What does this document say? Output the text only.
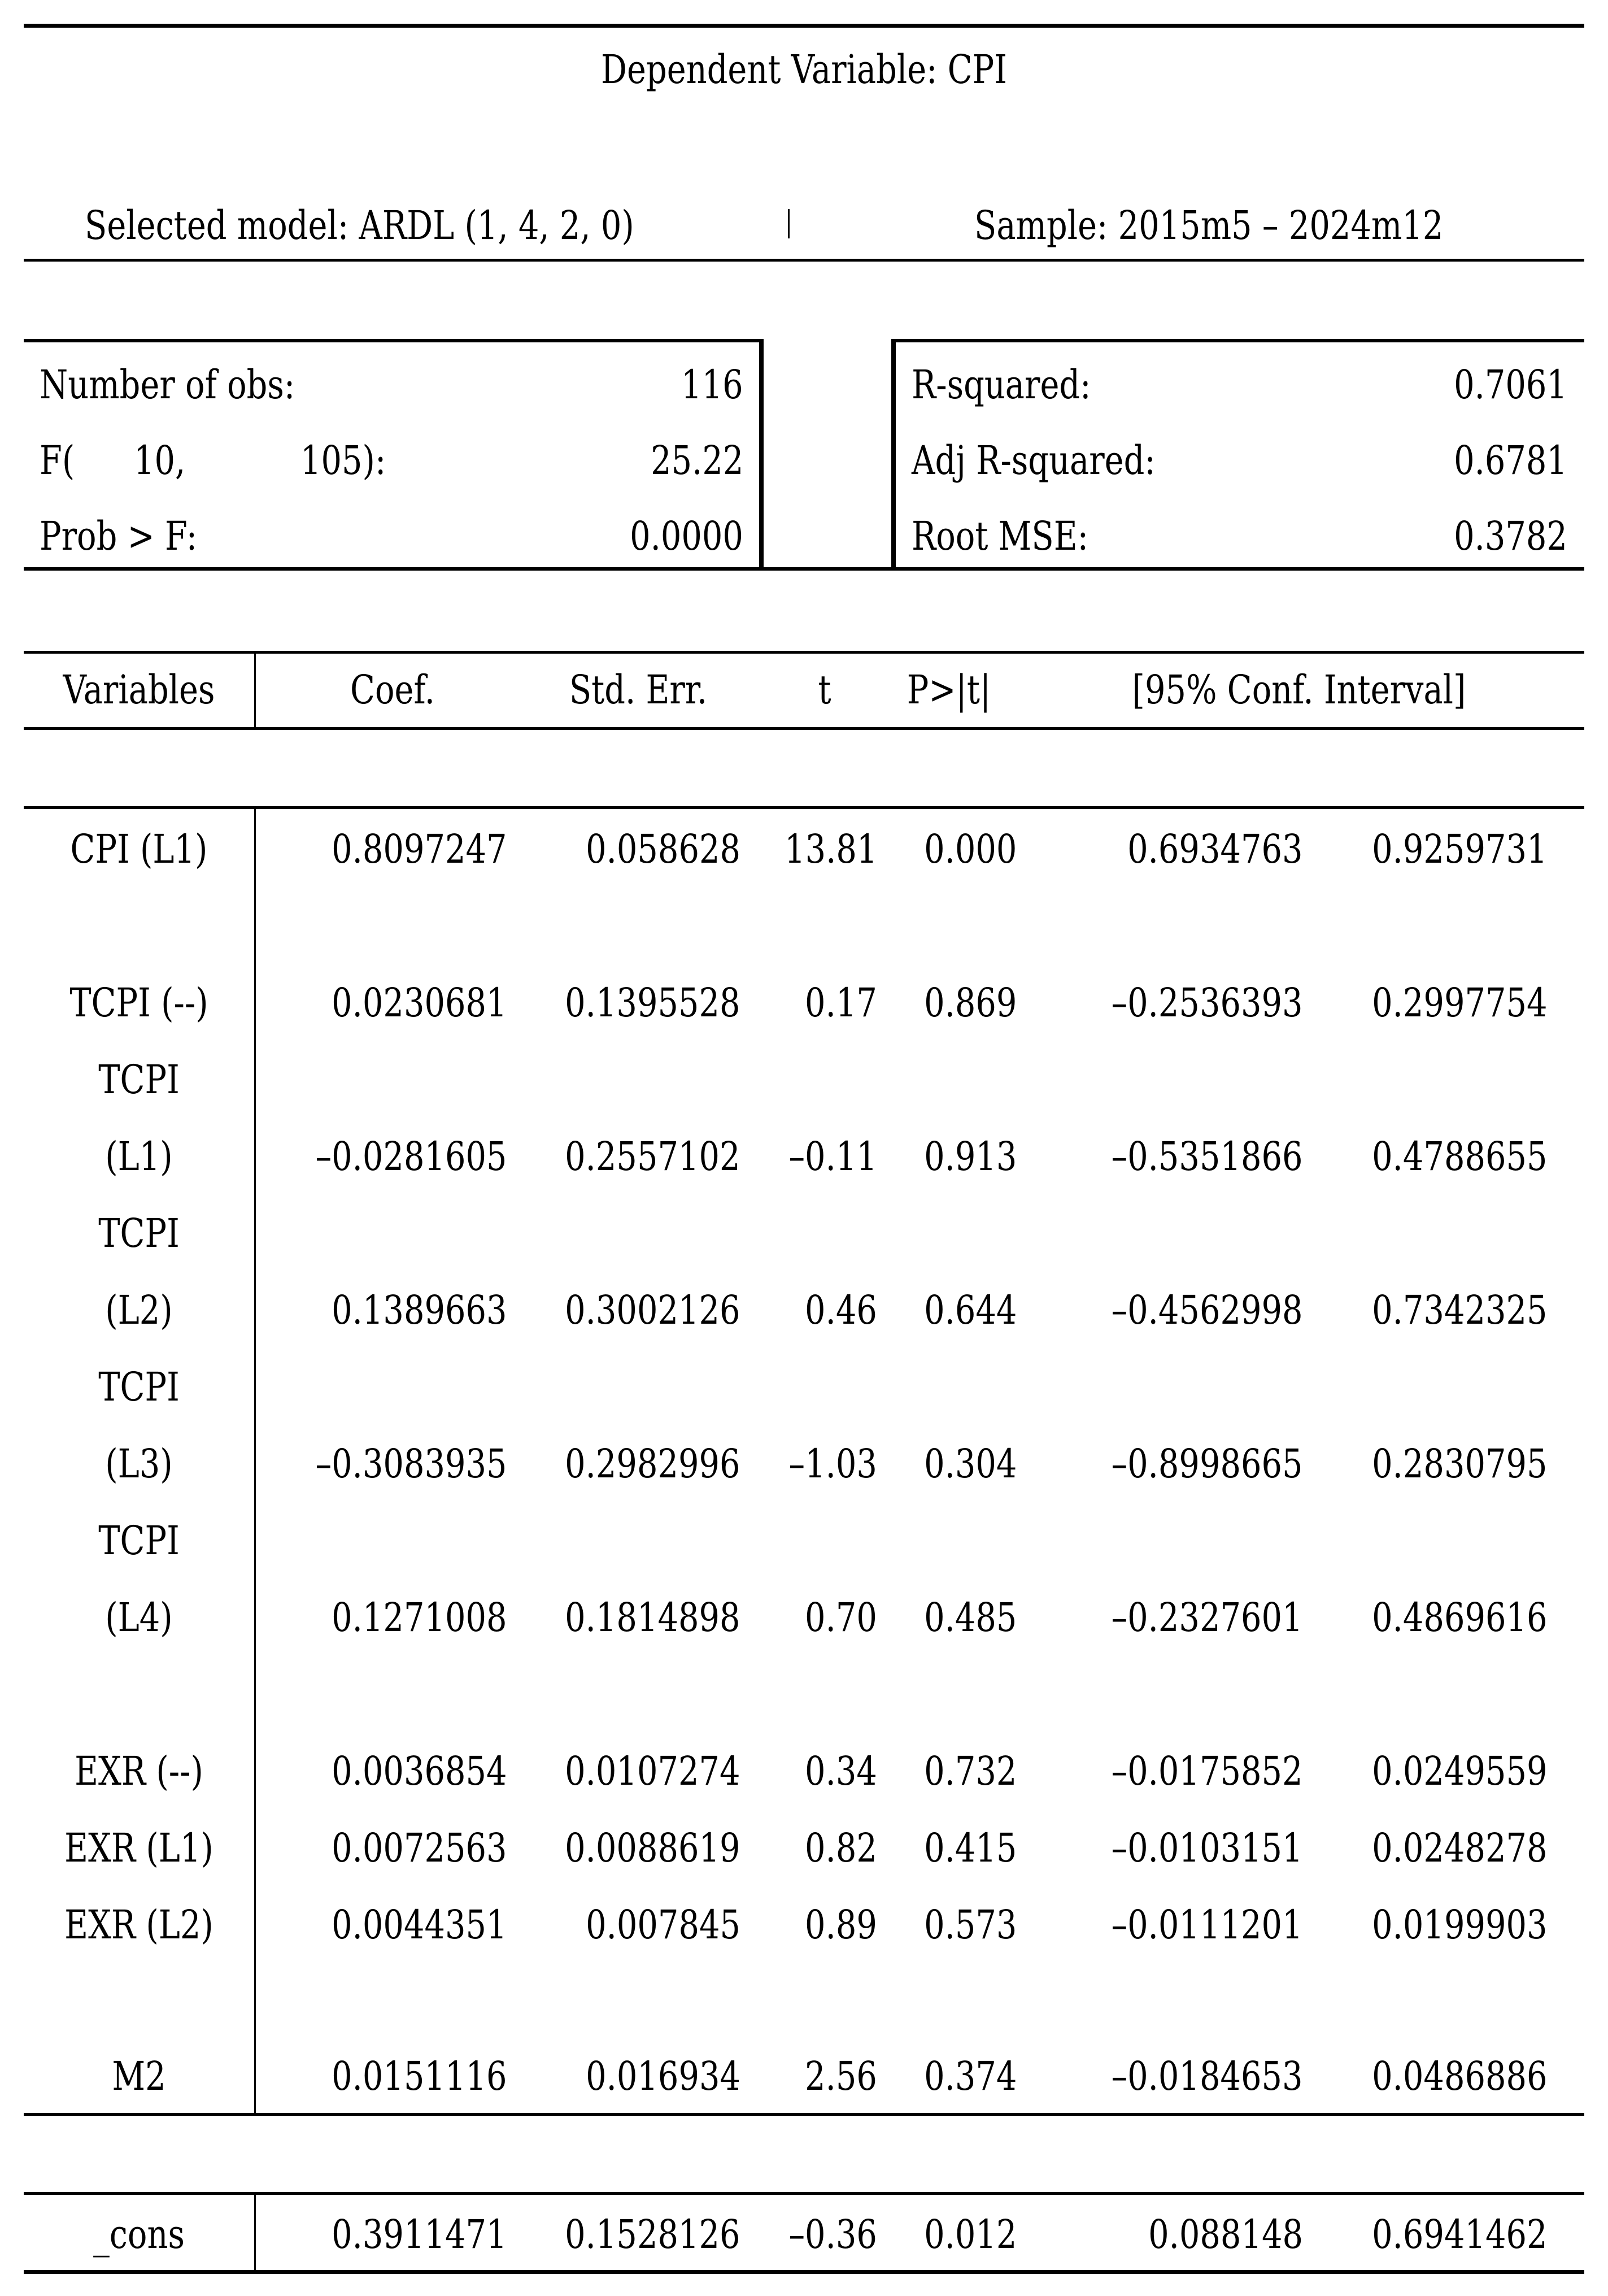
Dependent Variable: CPI
Selected model: ARDL (1, 4, 2, 0)	Sample: 2015m5 – 2024m12
Number of obs:	116
F( 10,	105):	25.22
Prob > F:	0.0000
R-squared:	0.7061
Adj R-squared:	0.6781
Root MSE:	0.3782
Variables	Coef.	Std. Err.	t	P>|t|	[95% Conf. Interval]
CPI (L1)	0.8097247 0.058628 13.81 0.000	0.6934763 0.9259731
TCPI (--)	0.0230681 0.1395528 0.17 0.869 –0.2536393 0.2997754
TCPI
(L1)	–0.0281605 0.2557102 –0.11 0.913 –0.5351866 0.4788655
TCPI
(L2)	0.1389663 0.3002126 0.46 0.644 –0.4562998 0.7342325
TCPI
(L3)	–0.3083935 0.2982996 –1.03 0.304 –0.8998665 0.2830795
TCPI
(L4)	0.1271008 0.1814898 0.70 0.485 –0.2327601 0.4869616
EXR (--)	0.0036854 0.0107274 0.34 0.732 –0.0175852 0.0249559
EXR (L1)	0.0072563 0.0088619 0.82 0.415 –0.0103151 0.0248278
EXR (L2)	0.0044351 0.007845 0.89 0.573 –0.0111201 0.0199903
M2	0.0151116 0.016934 2.56 0.374 –0.0184653 0.0486886
_cons	0.3911471 0.1528126 –0.36 0.012	0.088148 0.6941462
